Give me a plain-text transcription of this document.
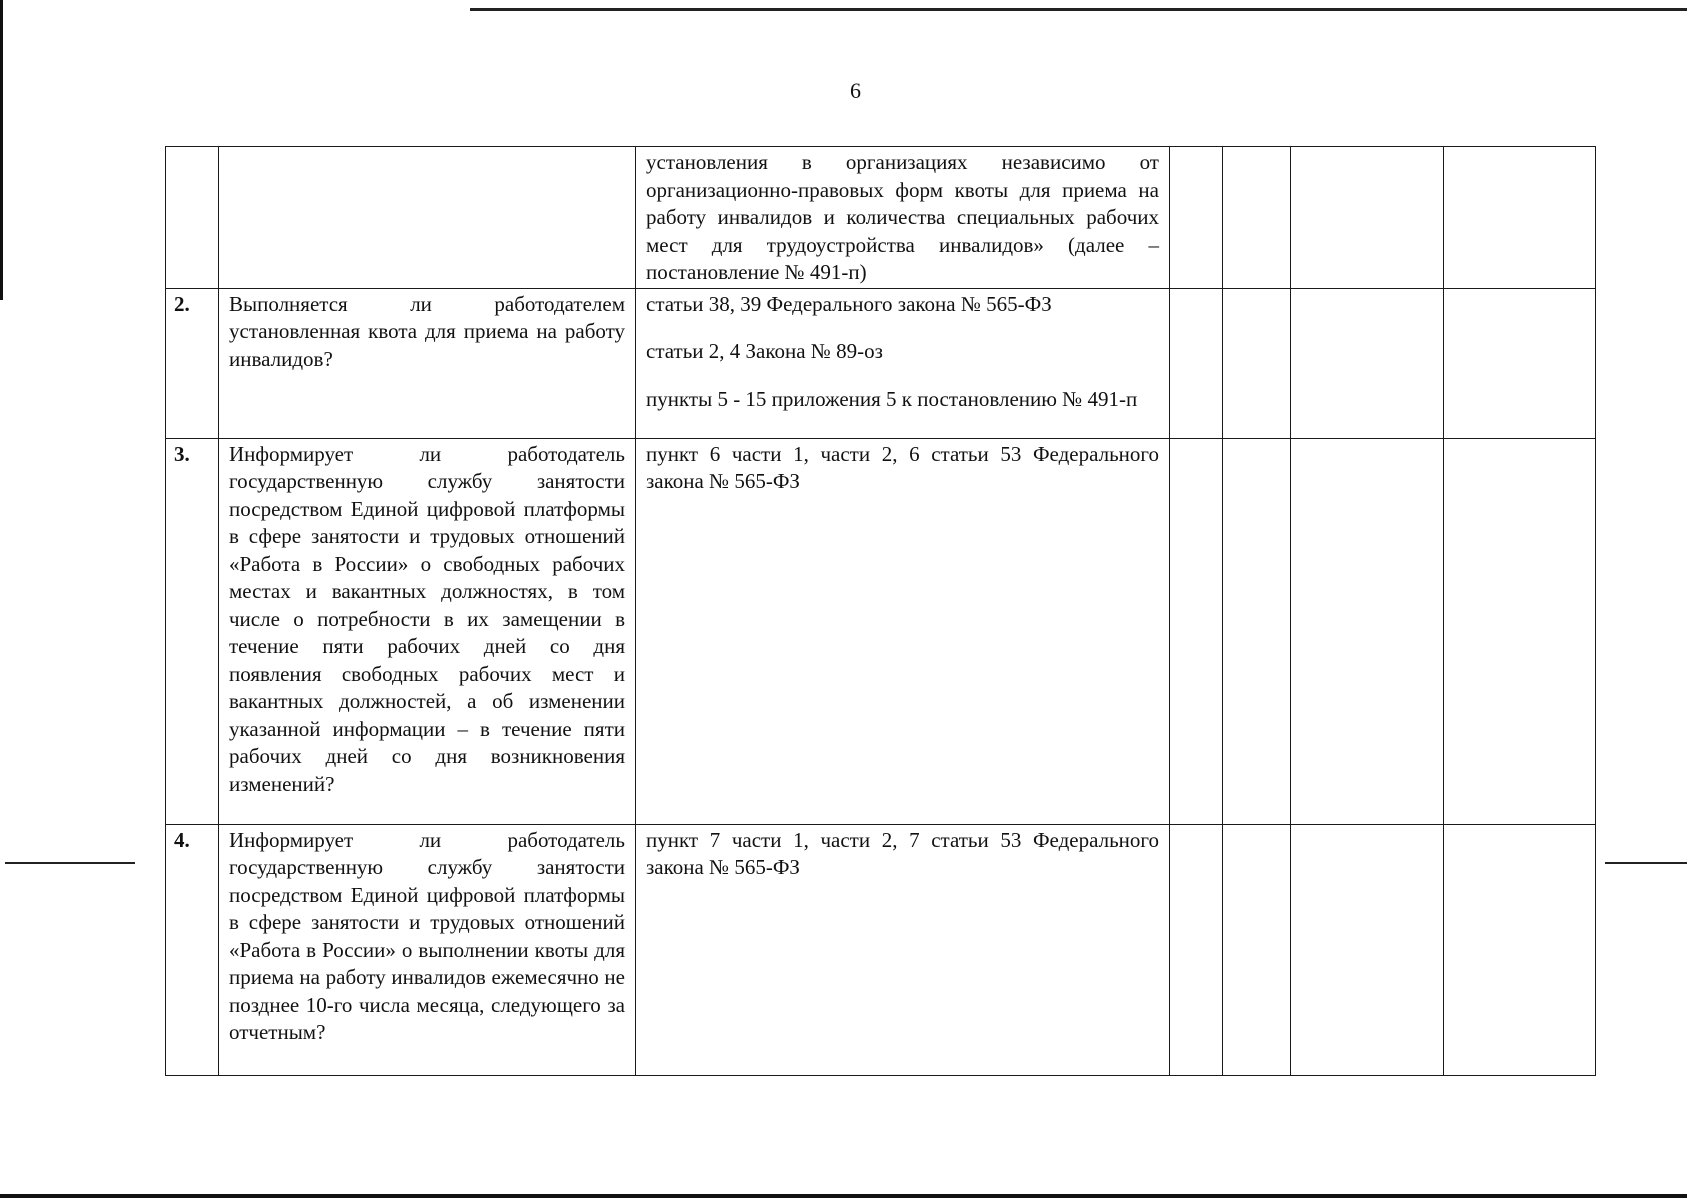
6

		установления в организациях независимо от организационно-правовых форм квоты для приема на работу инвалидов и количества специальных рабочих мест для трудоустройства инвалидов» (далее – постановление № 491-п)				

2.	Выполняется ли работодателем установленная квота для приема на работу инвалидов?	статьи 38, 39 Федерального закона № 565-ФЗ
статьи 2, 4 Закона № 89-оз
пункты 5 - 15 приложения 5 к постановлению № 491-п				

3.	Информирует ли работодатель государственную службу занятости посредством Единой цифровой платформы в сфере занятости и трудовых отношений «Работа в России» о свободных рабочих местах и вакантных должностях, в том числе о потребности в их замещении в течение пяти рабочих дней со дня появления свободных рабочих мест и вакантных должностей, а об изменении указанной информации – в течение пяти рабочих дней со дня возникновения изменений?	пункт 6 части 1, части 2, 6 статьи 53 Федерального закона № 565-ФЗ				

4.	Информирует ли работодатель государственную службу занятости посредством Единой цифровой платформы в сфере занятости и трудовых отношений «Работа в России» о выполнении квоты для приема на работу инвалидов ежемесячно не позднее 10-го числа месяца, следующего за отчетным?	пункт 7 части 1, части 2, 7 статьи 53 Федерального закона № 565-ФЗ				
